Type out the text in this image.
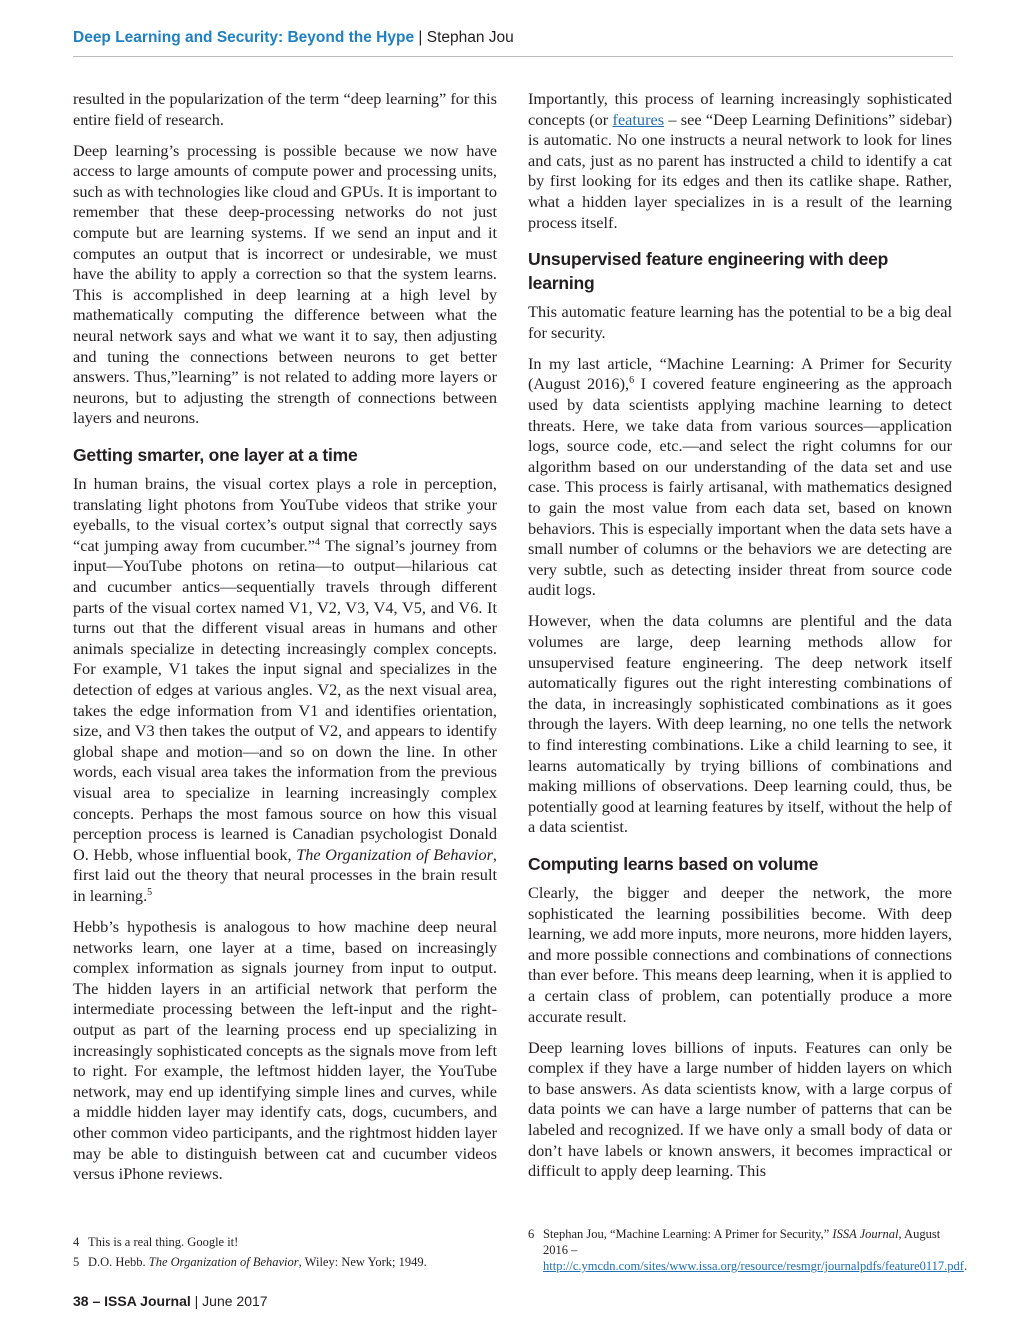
Deep Learning and Security: Beyond the Hype | Stephan Jou

resulted in the popularization of the term “deep learning” for this entire field of research.

Deep learning’s processing is possible because we now have access to large amounts of compute power and processing units, such as with technologies like cloud and GPUs. It is important to remember that these deep-processing networks do not just compute but are learning systems. If we send an input and it computes an output that is incorrect or undesirable, we must have the ability to apply a correction so that the system learns. This is accomplished in deep learning at a high level by mathematically computing the difference between what the neural network says and what we want it to say, then adjusting and tuning the connections between neurons to get better answers. Thus,”learning” is not related to adding more layers or neurons, but to adjusting the strength of connections between layers and neurons.

Getting smarter, one layer at a time

In human brains, the visual cortex plays a role in perception, translating light photons from YouTube videos that strike your eyeballs, to the visual cortex’s output signal that correctly says “cat jumping away from cucumber.”$^4$ The signal’s journey from input—YouTube photons on retina—to output—hilarious cat and cucumber antics—sequentially travels through different parts of the visual cortex named V1, V2, V3, V4, V5, and V6. It turns out that the different visual areas in humans and other animals specialize in detecting increasingly complex concepts. For example, V1 takes the input signal and specializes in the detection of edges at various angles. V2, as the next visual area, takes the edge information from V1 and identifies orientation, size, and V3 then takes the output of V2, and appears to identify global shape and motion—and so on down the line. In other words, each visual area takes the information from the previous visual area to specialize in learning increasingly complex concepts. Perhaps the most famous source on how this visual perception process is learned is Canadian psychologist Donald O. Hebb, whose influential book, The Organization of Behavior, first laid out the theory that neural processes in the brain result in learning.$^5$

Hebb’s hypothesis is analogous to how machine deep neural networks learn, one layer at a time, based on increasingly complex information as signals journey from input to output. The hidden layers in an artificial network that perform the intermediate processing between the left-input and the right-output as part of the learning process end up specializing in increasingly sophisticated concepts as the signals move from left to right. For example, the leftmost hidden layer, the YouTube network, may end up identifying simple lines and curves, while a middle hidden layer may identify cats, dogs, cucumbers, and other common video participants, and the rightmost hidden layer may be able to distinguish between cat and cucumber videos versus iPhone reviews.

Importantly, this process of learning increasingly sophisticated concepts (or features – see “Deep Learning Definitions” sidebar) is automatic. No one instructs a neural network to look for lines and cats, just as no parent has instructed a child to identify a cat by first looking for its edges and then its catlike shape. Rather, what a hidden layer specializes in is a result of the learning process itself.

Unsupervised feature engineering with deep learning

This automatic feature learning has the potential to be a big deal for security.

In my last article, “Machine Learning: A Primer for Security (August 2016),$^6$ I covered feature engineering as the approach used by data scientists applying machine learning to detect threats. Here, we take data from various sources—application logs, source code, etc.—and select the right columns for our algorithm based on our understanding of the data set and use case. This process is fairly artisanal, with mathematics designed to gain the most value from each data set, based on known behaviors. This is especially important when the data sets have a small number of columns or the behaviors we are detecting are very subtle, such as detecting insider threat from source code audit logs.

However, when the data columns are plentiful and the data volumes are large, deep learning methods allow for unsupervised feature engineering. The deep network itself automatically figures out the right interesting combinations of the data, in increasingly sophisticated combinations as it goes through the layers. With deep learning, no one tells the network to find interesting combinations. Like a child learning to see, it learns automatically by trying billions of combinations and making millions of observations. Deep learning could, thus, be potentially good at learning features by itself, without the help of a data scientist.

Computing learns based on volume

Clearly, the bigger and deeper the network, the more sophisticated the learning possibilities become. With deep learning, we add more inputs, more neurons, more hidden layers, and more possible connections and combinations of connections than ever before. This means deep learning, when it is applied to a certain class of problem, can potentially produce a more accurate result.

Deep learning loves billions of inputs. Features can only be complex if they have a large number of hidden layers on which to base answers. As data scientists know, with a large corpus of data points we can have a large number of patterns that can be labeled and recognized. If we have only a small body of data or don’t have labels or known answers, it becomes impractical or difficult to apply deep learning. This

4 This is a real thing. Google it!
5 D.O. Hebb. The Organization of Behavior, Wiley: New York; 1949.
6 Stephan Jou, “Machine Learning: A Primer for Security,” ISSA Journal, August 2016 – http://c.ymcdn.com/sites/www.issa.org/resource/resmgr/journalpdfs/feature0117.pdf.
38 – ISSA Journal | June 2017
